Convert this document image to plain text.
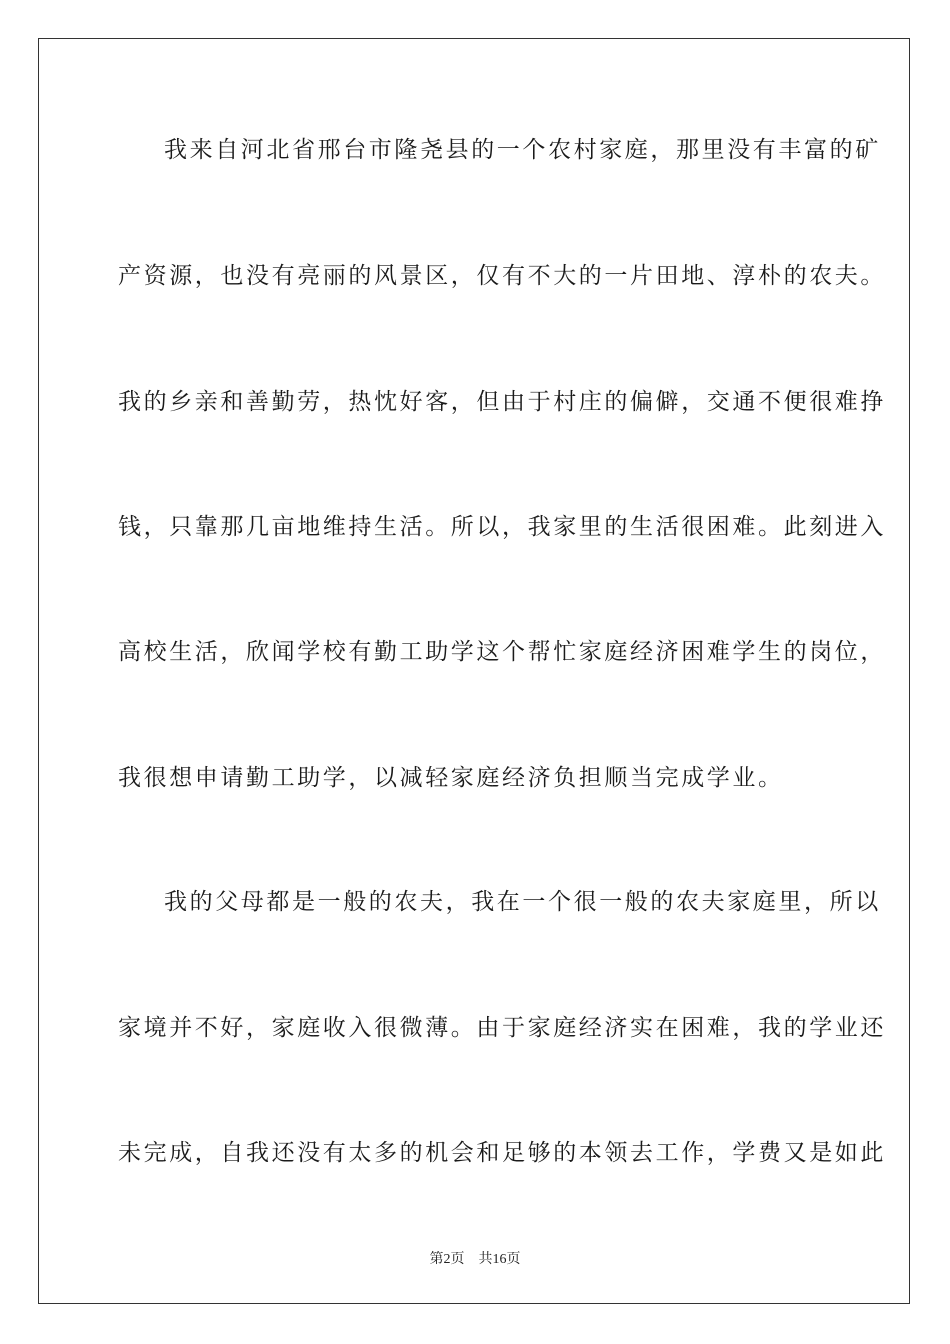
我来自河北省邢台市隆尧县的一个农村家庭，那里没有丰富的矿
产资源，也没有亮丽的风景区，仅有不大的一片田地、淳朴的农夫。
我的乡亲和善勤劳，热忱好客，但由于村庄的偏僻，交通不便很难挣
钱，只靠那几亩地维持生活。所以，我家里的生活很困难。此刻进入
高校生活，欣闻学校有勤工助学这个帮忙家庭经济困难学生的岗位，
我很想申请勤工助学，以减轻家庭经济负担顺当完成学业。
我的父母都是一般的农夫，我在一个很一般的农夫家庭里，所以
家境并不好，家庭收入很微薄。由于家庭经济实在困难，我的学业还
未完成，自我还没有太多的机会和足够的本领去工作，学费又是如此
第2页 共16页
